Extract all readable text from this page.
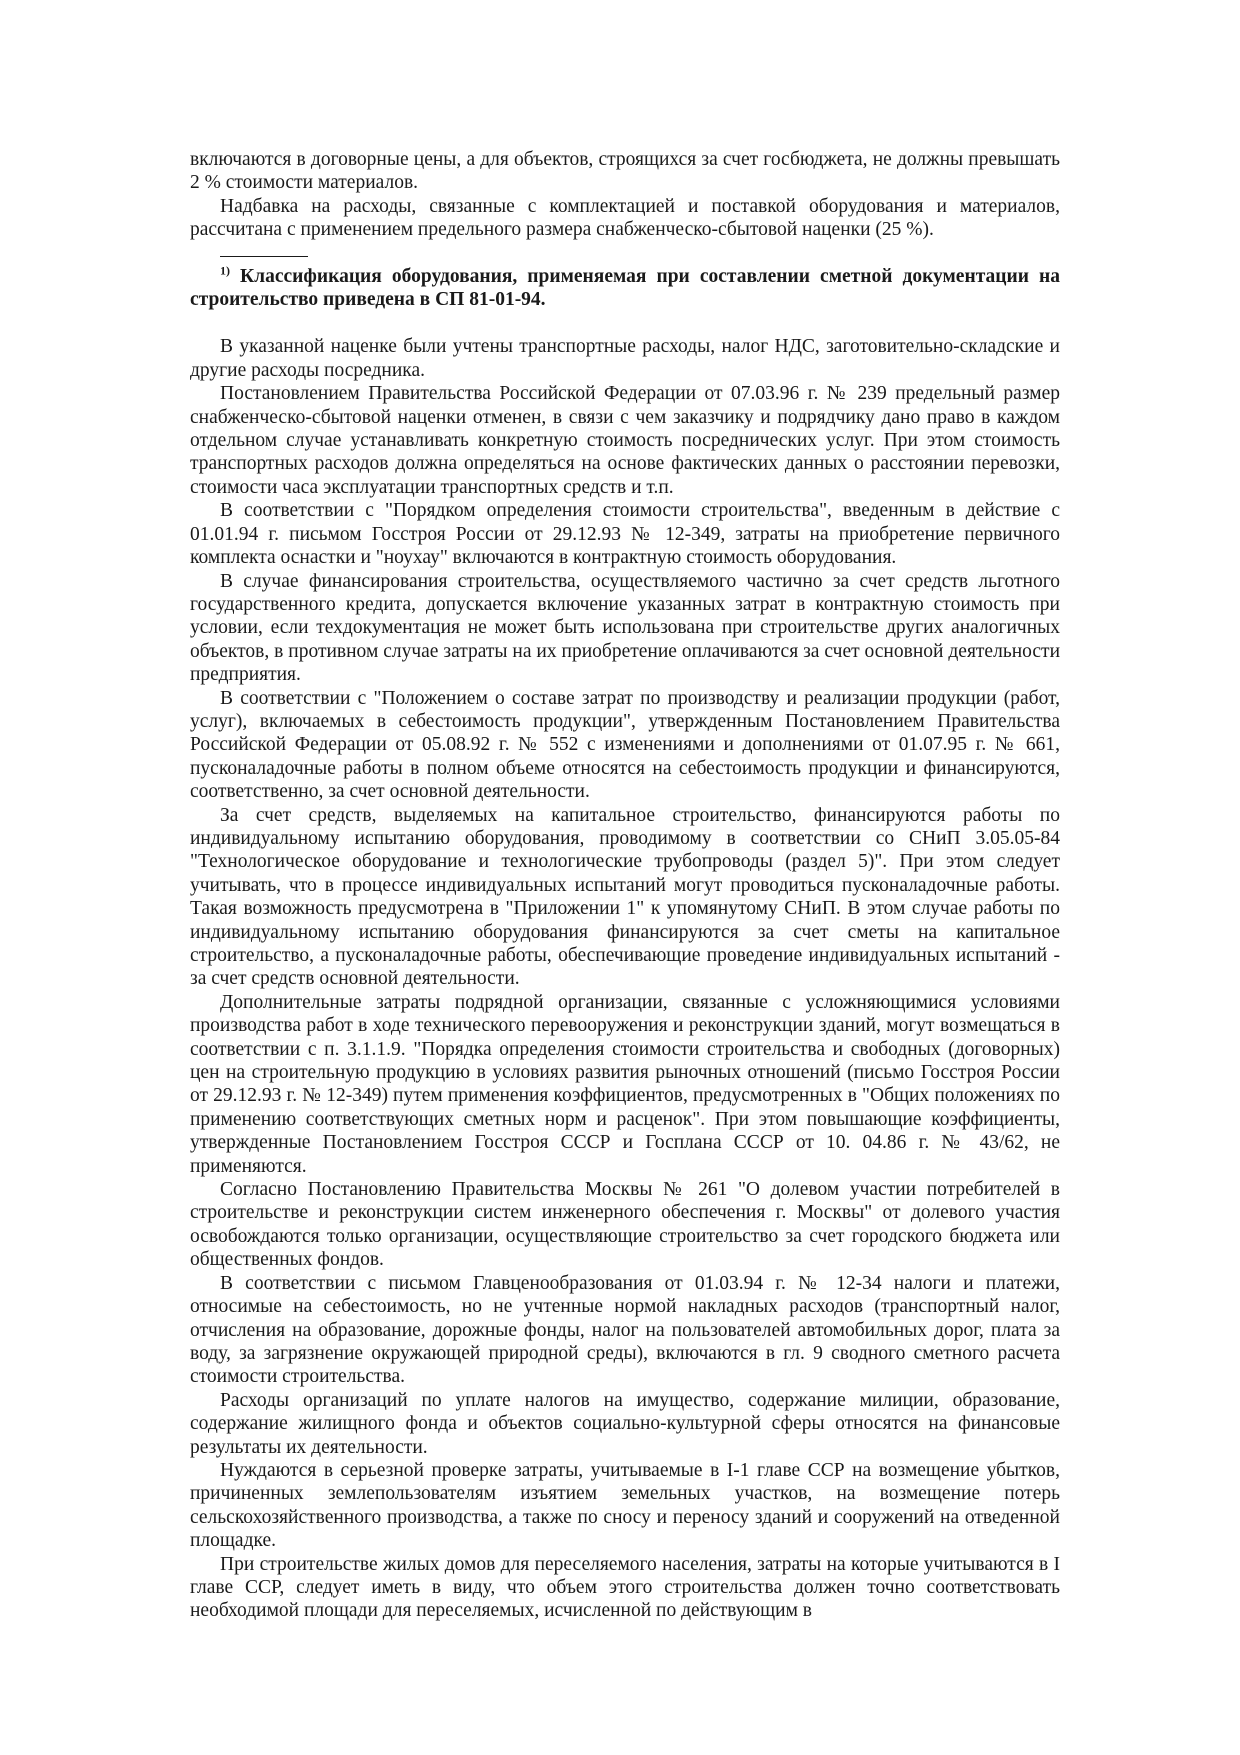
включаются в договорные цены, а для объектов, строящихся за счет госбюджета, не должны превышать 2 % стоимости материалов.

Надбавка на расходы, связанные с комплектацией и поставкой оборудования и материалов, рассчитана с применением предельного размера снабженческо-сбытовой наценки (25 %).

$^{1)}$ Классификация оборудования, применяемая при составлении сметной документации на строительство приведена в СП 81-01-94.

В указанной наценке были учтены транспортные расходы, налог НДС, заготовительно-складские и другие расходы посредника.

Постановлением Правительства Российской Федерации от 07.03.96 г. № 239 предельный размер снабженческо-сбытовой наценки отменен, в связи с чем заказчику и подрядчику дано право в каждом отдельном случае устанавливать конкретную стоимость посреднических услуг. При этом стоимость транспортных расходов должна определяться на основе фактических данных о расстоянии перевозки, стоимости часа эксплуатации транспортных средств и т.п.

В соответствии с "Порядком определения стоимости строительства", введенным в действие с 01.01.94 г. письмом Госстроя России от 29.12.93 № 12-349, затраты на приобретение первичного комплекта оснастки и "ноухау" включаются в контрактную стоимость оборудования.

В случае финансирования строительства, осуществляемого частично за счет средств льготного государственного кредита, допускается включение указанных затрат в контрактную стоимость при условии, если техдокументация не может быть использована при строительстве других аналогичных объектов, в противном случае затраты на их приобретение оплачиваются за счет основной деятельности предприятия.

В соответствии с "Положением о составе затрат по производству и реализации продукции (работ, услуг), включаемых в себестоимость продукции", утвержденным Постановлением Правительства Российской Федерации от 05.08.92 г. № 552 с изменениями и дополнениями от 01.07.95 г. № 661, пусконаладочные работы в полном объеме относятся на себестоимость продукции и финансируются, соответственно, за счет основной деятельности.

За счет средств, выделяемых на капитальное строительство, финансируются работы по индивидуальному испытанию оборудования, проводимому в соответствии со СНиП 3.05.05-84 "Технологическое оборудование и технологические трубопроводы (раздел 5)". При этом следует учитывать, что в процессе индивидуальных испытаний могут проводиться пусконаладочные работы. Такая возможность предусмотрена в "Приложении 1" к упомянутому СНиП. В этом случае работы по индивидуальному испытанию оборудования финансируются за счет сметы на капитальное строительство, а пусконаладочные работы, обеспечивающие проведение индивидуальных испытаний - за счет средств основной деятельности.

Дополнительные затраты подрядной организации, связанные с усложняющимися условиями производства работ в ходе технического перевооружения и реконструкции зданий, могут возмещаться в соответствии с п. 3.1.1.9. "Порядка определения стоимости строительства и свободных (договорных) цен на строительную продукцию в условиях развития рыночных отношений (письмо Госстроя России от 29.12.93 г. № 12-349) путем применения коэффициентов, предусмотренных в "Общих положениях по применению соответствующих сметных норм и расценок". При этом повышающие коэффициенты, утвержденные Постановлением Госстроя СССР и Госплана СССР от 10. 04.86 г. № 43/62, не применяются.

Согласно Постановлению Правительства Москвы № 261 "О долевом участии потребителей в строительстве и реконструкции систем инженерного обеспечения г. Москвы" от долевого участия освобождаются только организации, осуществляющие строительство за счет городского бюджета или общественных фондов.

В соответствии с письмом Главценообразования от 01.03.94 г. № 12-34 налоги и платежи, относимые на себестоимость, но не учтенные нормой накладных расходов (транспортный налог, отчисления на образование, дорожные фонды, налог на пользователей автомобильных дорог, плата за воду, за загрязнение окружающей природной среды), включаются в гл. 9 сводного сметного расчета стоимости строительства.

Расходы организаций по уплате налогов на имущество, содержание милиции, образование, содержание жилищного фонда и объектов социально-культурной сферы относятся на финансовые результаты их деятельности.

Нуждаются в серьезной проверке затраты, учитываемые в I-1 главе ССР на возмещение убытков, причиненных землепользователям изъятием земельных участков, на возмещение потерь сельскохозяйственного производства, а также по сносу и переносу зданий и сооружений на отведенной площадке.

При строительстве жилых домов для переселяемого населения, затраты на которые учитываются в I главе ССР, следует иметь в виду, что объем этого строительства должен точно соответствовать необходимой площади для переселяемых, исчисленной по действующим в
